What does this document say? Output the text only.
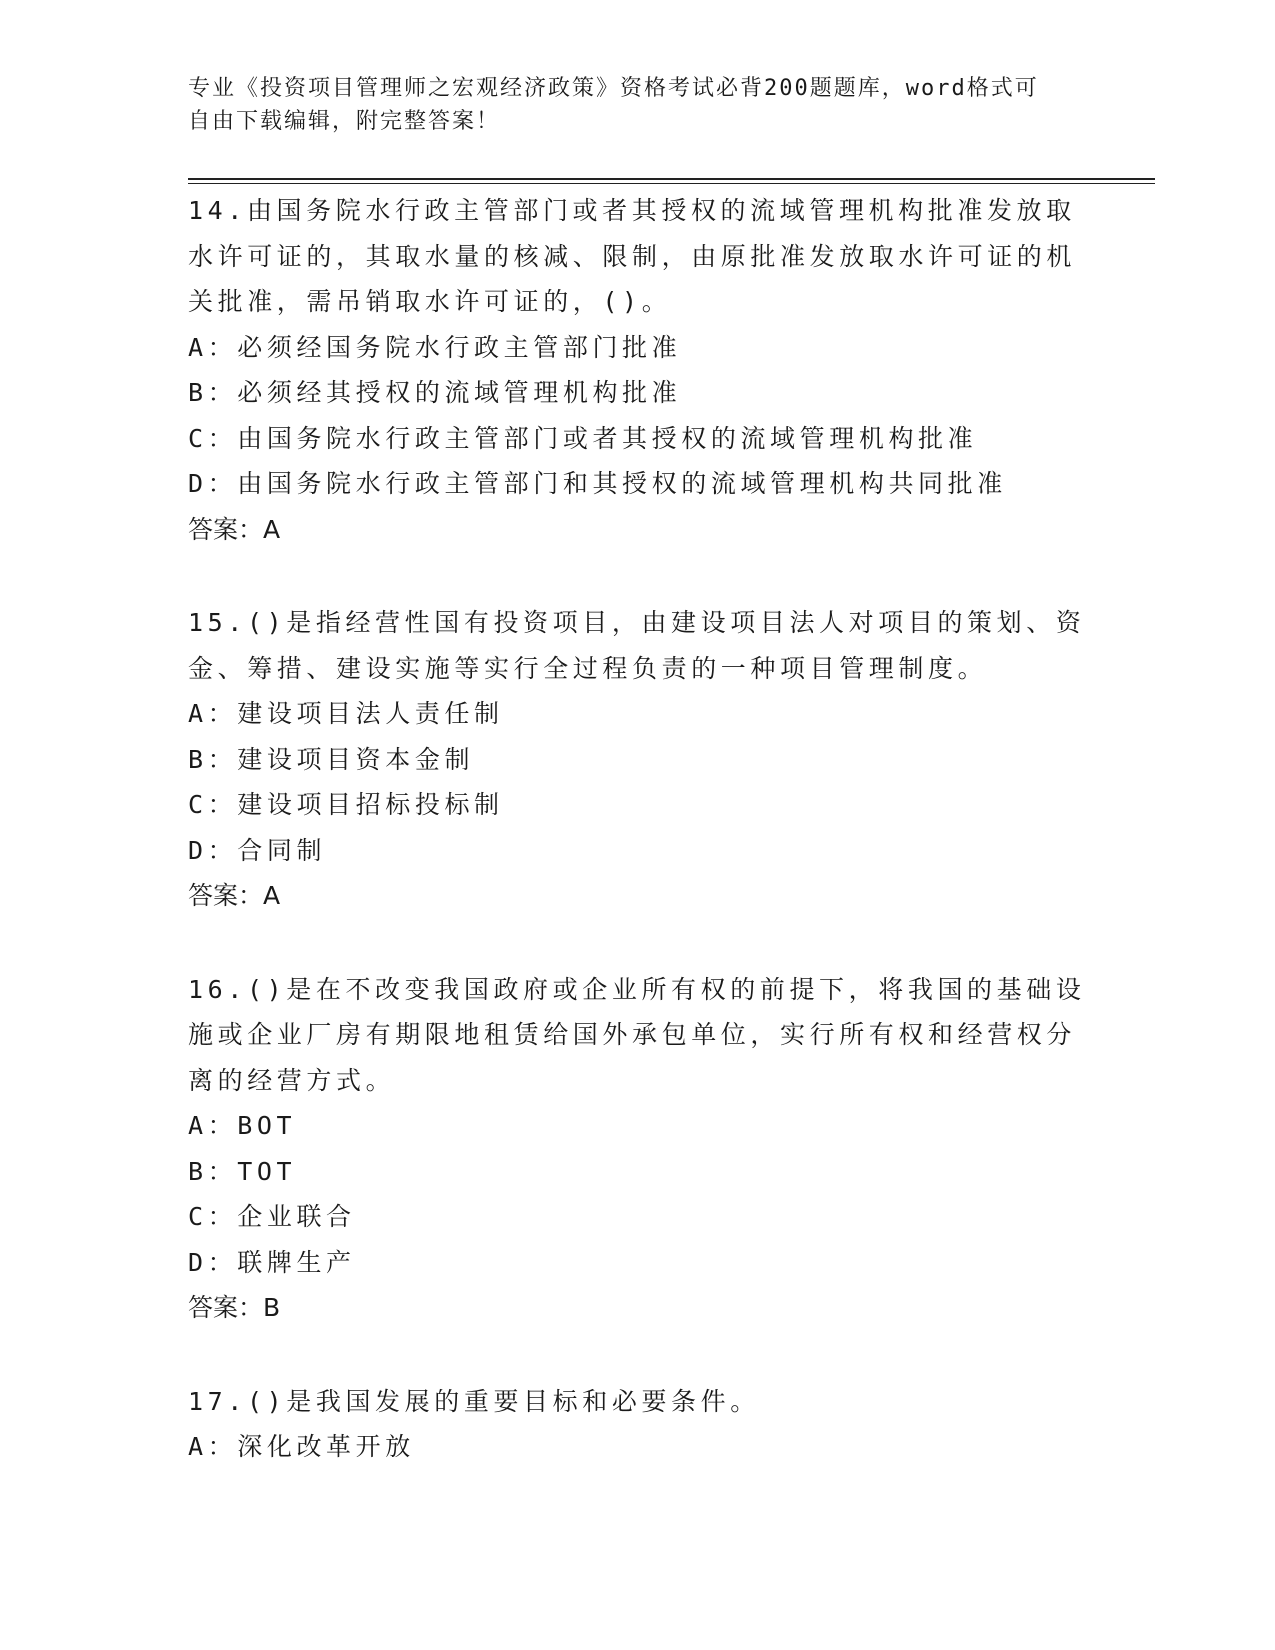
专业《投资项目管理师之宏观经济政策》资格考试必背200题题库，word格式可
自由下载编辑，附完整答案！

14.由国务院水行政主管部门或者其授权的流域管理机构批准发放取水许可证的，其取水量的核减、限制，由原批准发放取水许可证的机关批准，需吊销取水许可证的，()。

A：必须经国务院水行政主管部门批准

B：必须经其授权的流域管理机构批准

C：由国务院水行政主管部门或者其授权的流域管理机构批准

D：由国务院水行政主管部门和其授权的流域管理机构共同批准

答案：A

15.()是指经营性国有投资项目，由建设项目法人对项目的策划、资金、筹措、建设实施等实行全过程负责的一种项目管理制度。

A：建设项目法人责任制

B：建设项目资本金制

C：建设项目招标投标制

D：合同制

答案：A

16.()是在不改变我国政府或企业所有权的前提下，将我国的基础设施或企业厂房有期限地租赁给国外承包单位，实行所有权和经营权分离的经营方式。

A：BOT

B：TOT

C：企业联合

D：联牌生产

答案：B

17.()是我国发展的重要目标和必要条件。

A：深化改革开放
